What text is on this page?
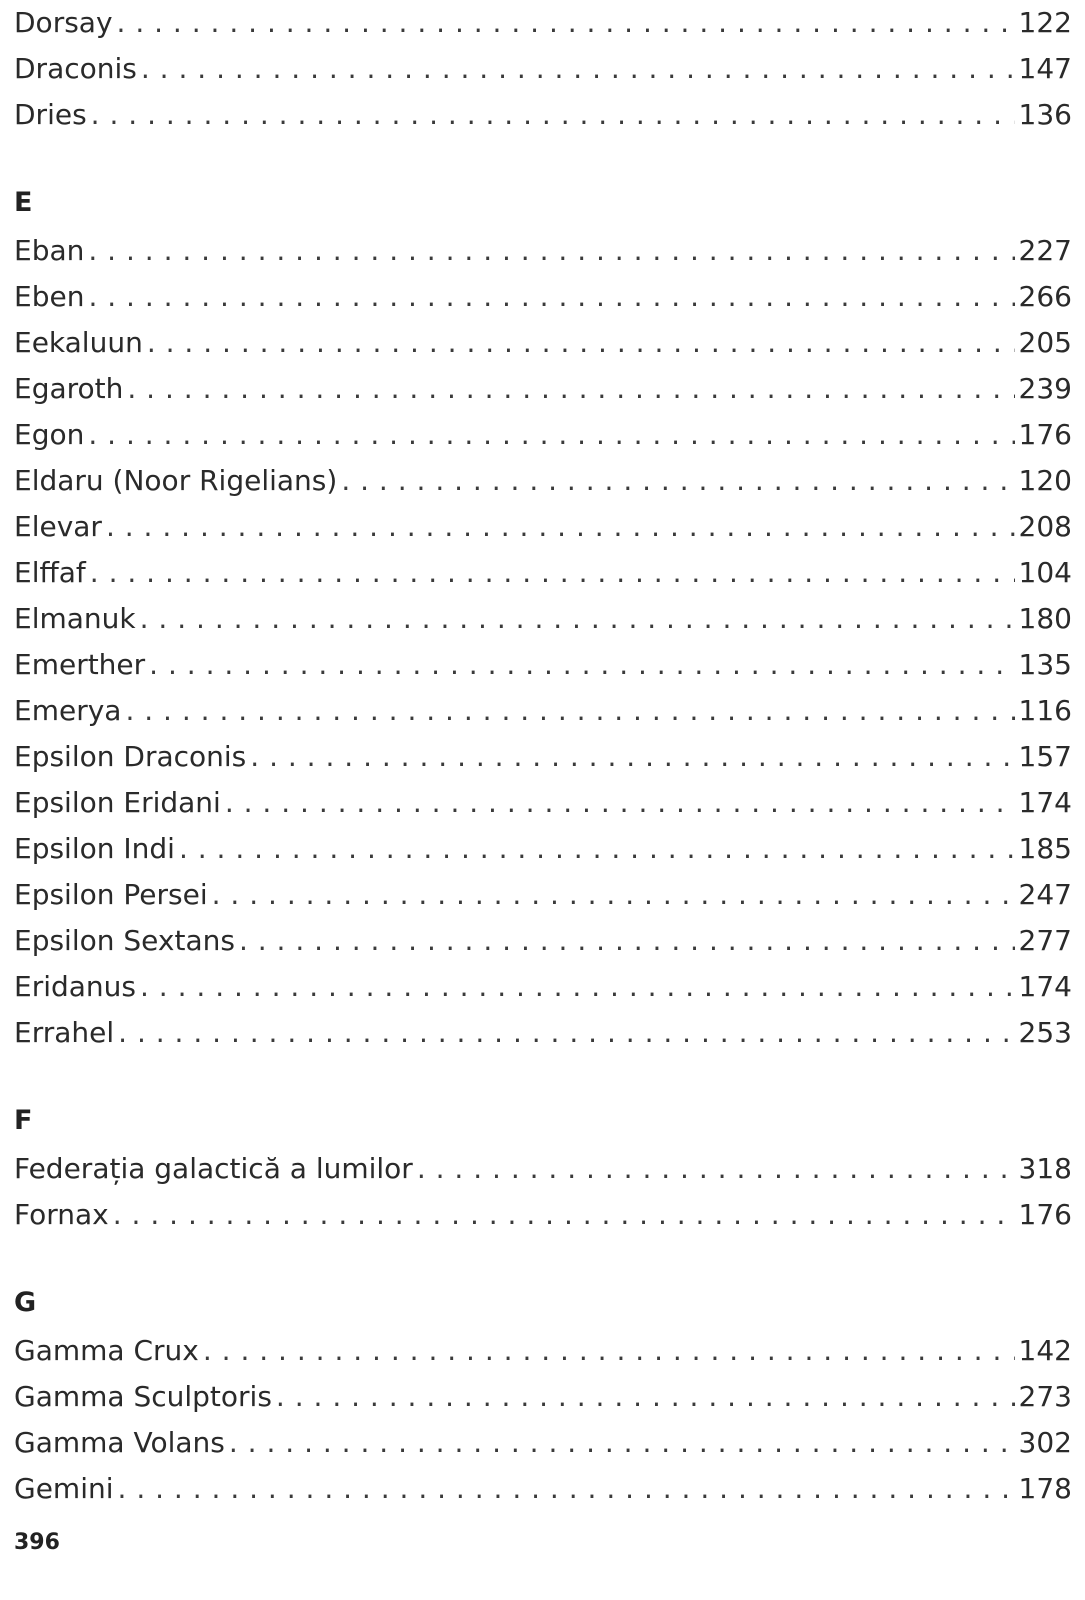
Dorsay . . .	122
Draconis . . .	147
Dries . . .	136
E
Eban . . .	227
Eben . . .	266
Eekaluun . . .	205
Egaroth . . .	239
Egon . . .	176
Eldaru (Noor Rigelians) . . .	120
Elevar . . .	208
Elffaf . . .	104
Elmanuk . . .	180
Emerther . . .	135
Emerya . . .	116
Epsilon Draconis . . .	157
Epsilon Eridani . . .	174
Epsilon Indi . . .	185
Epsilon Persei . . .	247
Epsilon Sextans . . .	277
Eridanus . . .	174
Errahel . . .	253
F
Federația galactică a lumilor . . .	318
Fornax . . .	176
G
Gamma Crux . . .	142
Gamma Sculptoris . . .	273
Gamma Volans . . .	302
Gemini . . .	178
396
